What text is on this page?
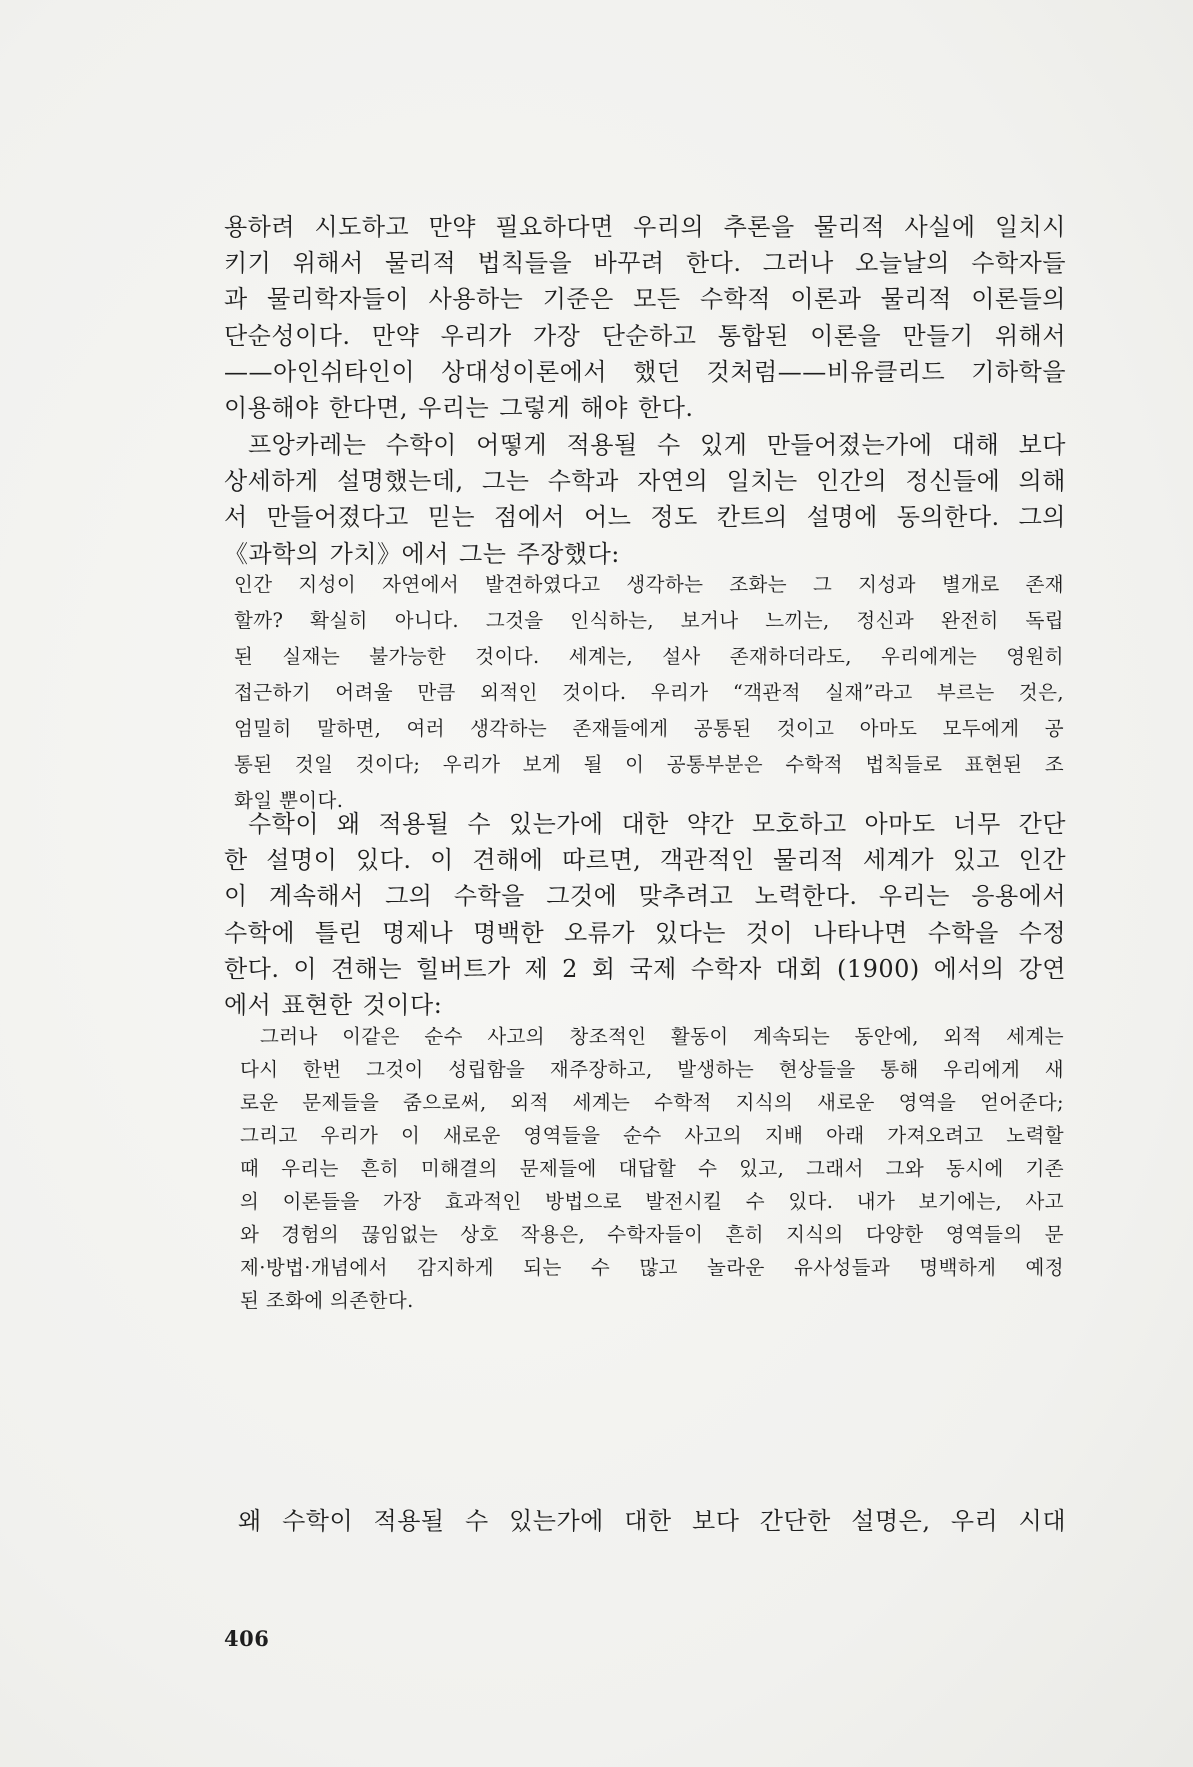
용하려 시도하고 만약 필요하다면 우리의 추론을 물리적 사실에 일치시
키기 위해서 물리적 법칙들을 바꾸려 한다. 그러나 오늘날의 수학자들
과 물리학자들이 사용하는 기준은 모든 수학적 이론과 물리적 이론들의
단순성이다. 만약 우리가 가장 단순하고 통합된 이론을 만들기 위해서
——아인쉬타인이 상대성이론에서 했던 것처럼——비유클리드 기하학을
이용해야 한다면, 우리는 그렇게 해야 한다.

프앙카레는 수학이 어떻게 적용될 수 있게 만들어졌는가에 대해 보다
상세하게 설명했는데, 그는 수학과 자연의 일치는 인간의 정신들에 의해
서 만들어졌다고 믿는 점에서 어느 정도 칸트의 설명에 동의한다. 그의
《과학의 가치》에서 그는 주장했다:

인간 지성이 자연에서 발견하였다고 생각하는 조화는 그 지성과 별개로 존재
할까? 확실히 아니다. 그것을 인식하는, 보거나 느끼는, 정신과 완전히 독립
된 실재는 불가능한 것이다. 세계는, 설사 존재하더라도, 우리에게는 영원히
접근하기 어려울 만큼 외적인 것이다. 우리가 “객관적 실재”라고 부르는 것은,
엄밀히 말하면, 여러 생각하는 존재들에게 공통된 것이고 아마도 모두에게 공
통된 것일 것이다; 우리가 보게 될 이 공통부분은 수학적 법칙들로 표현된 조
화일 뿐이다.

수학이 왜 적용될 수 있는가에 대한 약간 모호하고 아마도 너무 간단
한 설명이 있다. 이 견해에 따르면, 객관적인 물리적 세계가 있고 인간
이 계속해서 그의 수학을 그것에 맞추려고 노력한다. 우리는 응용에서
수학에 틀린 명제나 명백한 오류가 있다는 것이 나타나면 수학을 수정
한다. 이 견해는 힐버트가 제 2 회 국제 수학자 대회 (1900) 에서의 강연
에서 표현한 것이다:

그러나 이같은 순수 사고의 창조적인 활동이 계속되는 동안에, 외적 세계는
다시 한번 그것이 성립함을 재주장하고, 발생하는 현상들을 통해 우리에게 새
로운 문제들을 줌으로써, 외적 세계는 수학적 지식의 새로운 영역을 얻어준다;
그리고 우리가 이 새로운 영역들을 순수 사고의 지배 아래 가져오려고 노력할
때 우리는 흔히 미해결의 문제들에 대답할 수 있고, 그래서 그와 동시에 기존
의 이론들을 가장 효과적인 방법으로 발전시킬 수 있다. 내가 보기에는, 사고
와 경험의 끊임없는 상호 작용은, 수학자들이 흔히 지식의 다양한 영역들의 문
제·방법·개념에서 감지하게 되는 수 많고 놀라운 유사성들과 명백하게 예정
된 조화에 의존한다.

왜 수학이 적용될 수 있는가에 대한 보다 간단한 설명은, 우리 시대

406
